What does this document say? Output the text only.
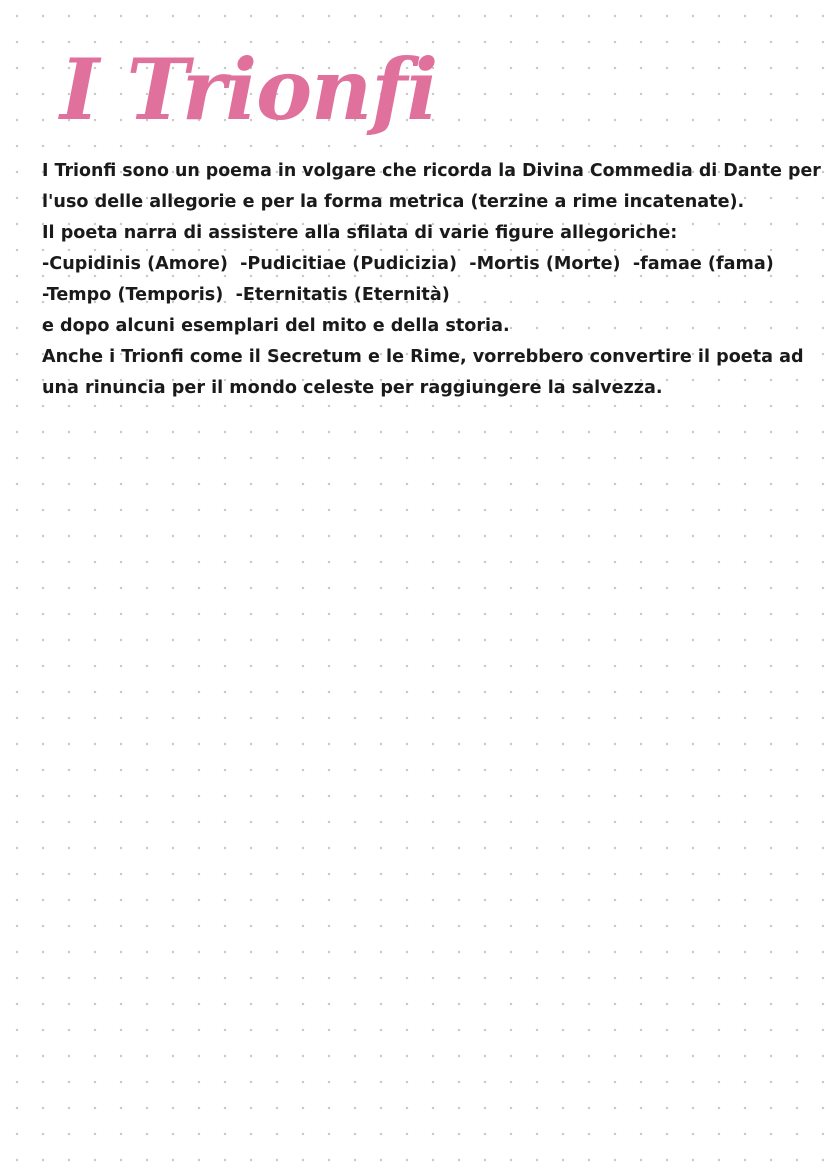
I Trionfi
I Trionfi sono un poema in volgare che ricorda la Divina Commedia di Dante per
l'uso delle allegorie e per la forma metrica (terzine a rime incatenate).
Il poeta narra di assistere alla sfilata di varie figure allegoriche:
-Cupidinis (Amore)  -Pudicitiae (Pudicizia)  -Mortis (Morte)  -famae (fama)
-Tempo (Temporis)  -Eternitatis (Eternità)
e dopo alcuni esemplari del mito e della storia.
Anche i Trionfi come il Secretum e le Rime, vorrebbero convertire il poeta ad
una rinuncia per il mondo celeste per raggiungere la salvezza.
